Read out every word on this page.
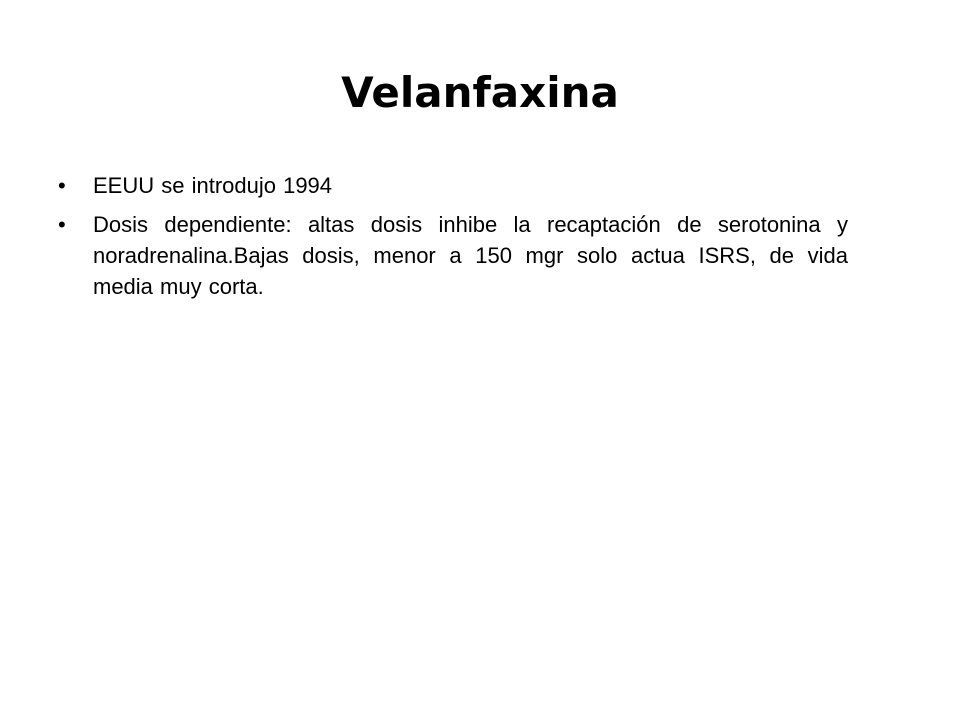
Velanfaxina
•	EEUU se introdujo 1994
•	Dosis dependiente: altas dosis inhibe la recaptación de serotonina y noradrenalina.Bajas dosis, menor a 150 mgr solo actua ISRS, de vida media muy corta.
